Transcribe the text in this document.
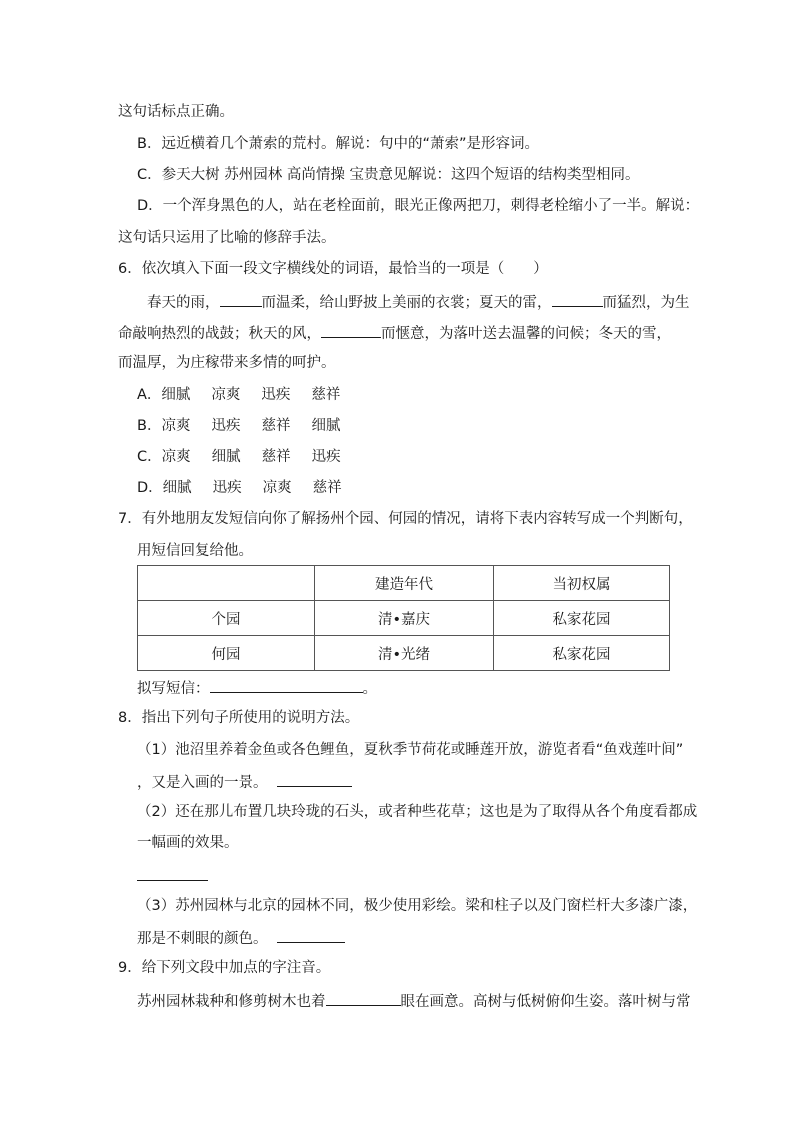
这句话标点正确。
B．远近横着几个萧索的荒村。解说：句中的“萧索”是形容词。
C．参天大树 苏州园林 高尚情操 宝贵意见解说：这四个短语的结构类型相同。
D．一个浑身黑色的人，站在老栓面前，眼光正像两把刀，刺得老栓缩小了一半。解说：
这句话只运用了比喻的修辞手法。
6．依次填入下面一段文字横线处的词语，最恰当的一项是（　　）
春天的雨，	而温柔，给山野披上美丽的衣裳；夏天的雷，	而猛烈，为生
命敲响热烈的战鼓；秋天的风，	而惬意，为落叶送去温馨的问候；冬天的雪，
而温厚，为庄稼带来多情的呵护。
A．细腻 凉爽 迅疾 慈祥
B．凉爽 迅疾 慈祥 细腻
C．凉爽 细腻 慈祥 迅疾
D．细腻 迅疾 凉爽 慈祥
7．有外地朋友发短信向你了解扬州个园、何园的情况，请将下表内容转写成一个判断句，
用短信回复给他。
	建造年代	当初权属
个园	清•嘉庆	私家花园
何园	清•光绪	私家花园
拟写短信：	。
8．指出下列句子所使用的说明方法。
（1）池沼里养着金鱼或各色鲤鱼，夏秋季节荷花或睡莲开放，游览者看“鱼戏莲叶间”
，又是入画的一景。
（2）还在那儿布置几块玲珑的石头，或者种些花草；这也是为了取得从各个角度看都成
一幅画的效果。
（3）苏州园林与北京的园林不同，极少使用彩绘。梁和柱子以及门窗栏杆大多漆广漆，
那是不刺眼的颜色。
9．给下列文段中加点的字注音。
苏州园林栽种和修剪树木也着	眼在画意。高树与低树俯仰生姿。落叶树与常
